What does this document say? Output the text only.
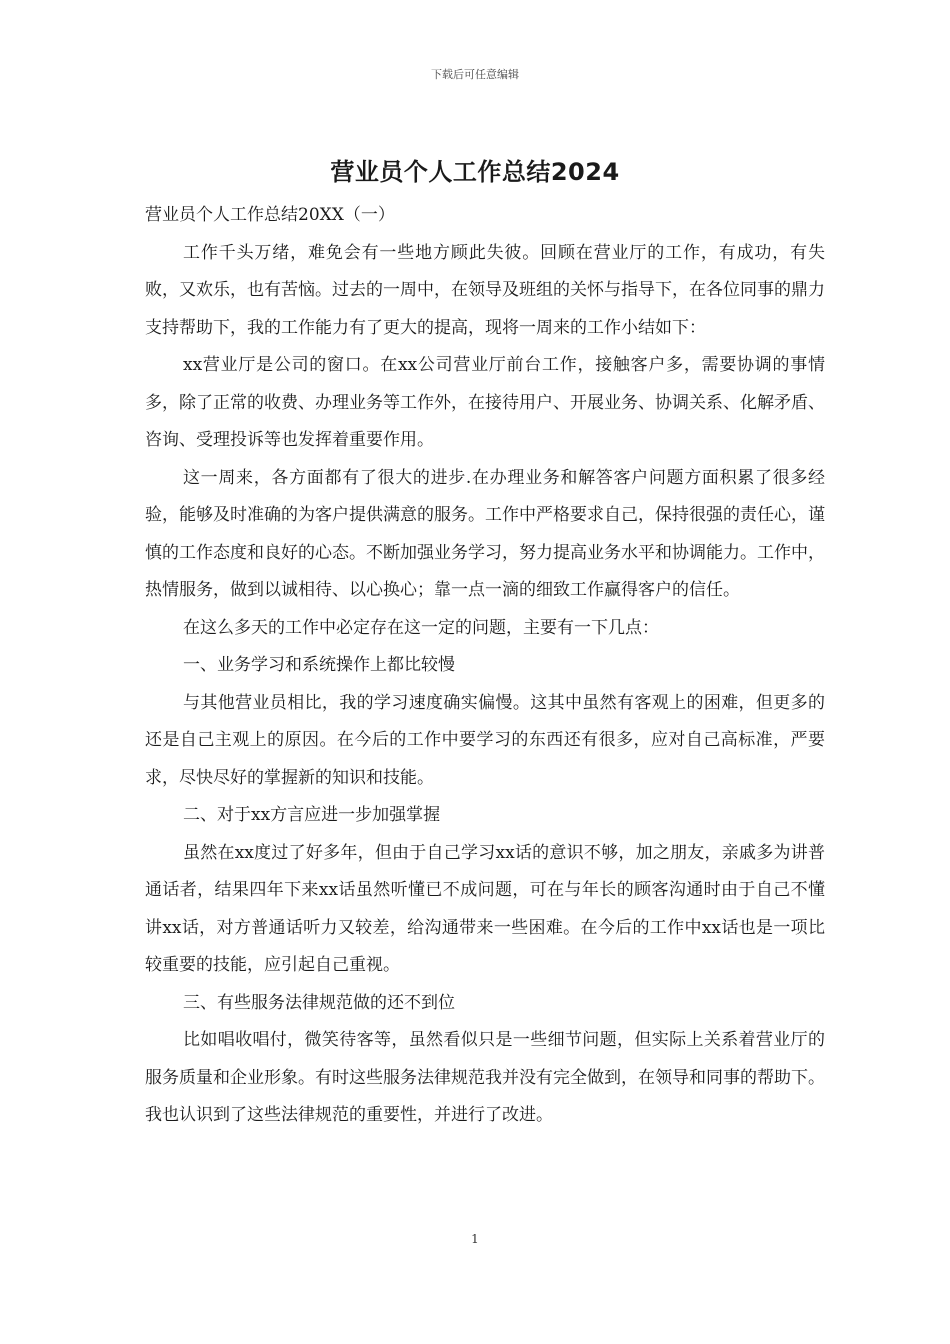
下载后可任意编辑
营业员个人工作总结2024

营业员个人工作总结20XX（一）

工作千头万绪，难免会有一些地方顾此失彼。回顾在营业厅的工作，有成功，有失败，又欢乐，也有苦恼。过去的一周中，在领导及班组的关怀与指导下，在各位同事的鼎力支持帮助下，我的工作能力有了更大的提高，现将一周来的工作小结如下：

xx营业厅是公司的窗口。在xx公司营业厅前台工作，接触客户多，需要协调的事情多，除了正常的收费、办理业务等工作外，在接待用户、开展业务、协调关系、化解矛盾、咨询、受理投诉等也发挥着重要作用。

这一周来，各方面都有了很大的进步.在办理业务和解答客户问题方面积累了很多经验，能够及时准确的为客户提供满意的服务。工作中严格要求自己，保持很强的责任心，谨慎的工作态度和良好的心态。不断加强业务学习，努力提高业务水平和协调能力。工作中，热情服务，做到以诚相待、以心换心；靠一点一滴的细致工作赢得客户的信任。

在这么多天的工作中必定存在这一定的问题，主要有一下几点：

一、业务学习和系统操作上都比较慢

与其他营业员相比，我的学习速度确实偏慢。这其中虽然有客观上的困难，但更多的还是自己主观上的原因。在今后的工作中要学习的东西还有很多，应对自己高标准，严要求，尽快尽好的掌握新的知识和技能。

二、对于xx方言应进一步加强掌握

虽然在xx度过了好多年，但由于自己学习xx话的意识不够，加之朋友，亲戚多为讲普通话者，结果四年下来xx话虽然听懂已不成问题，可在与年长的顾客沟通时由于自己不懂讲xx话，对方普通话听力又较差，给沟通带来一些困难。在今后的工作中xx话也是一项比较重要的技能，应引起自己重视。

三、有些服务法律规范做的还不到位

比如唱收唱付，微笑待客等，虽然看似只是一些细节问题，但实际上关系着营业厅的服务质量和企业形象。有时这些服务法律规范我并没有完全做到，在领导和同事的帮助下。我也认识到了这些法律规范的重要性，并进行了改进。

1
